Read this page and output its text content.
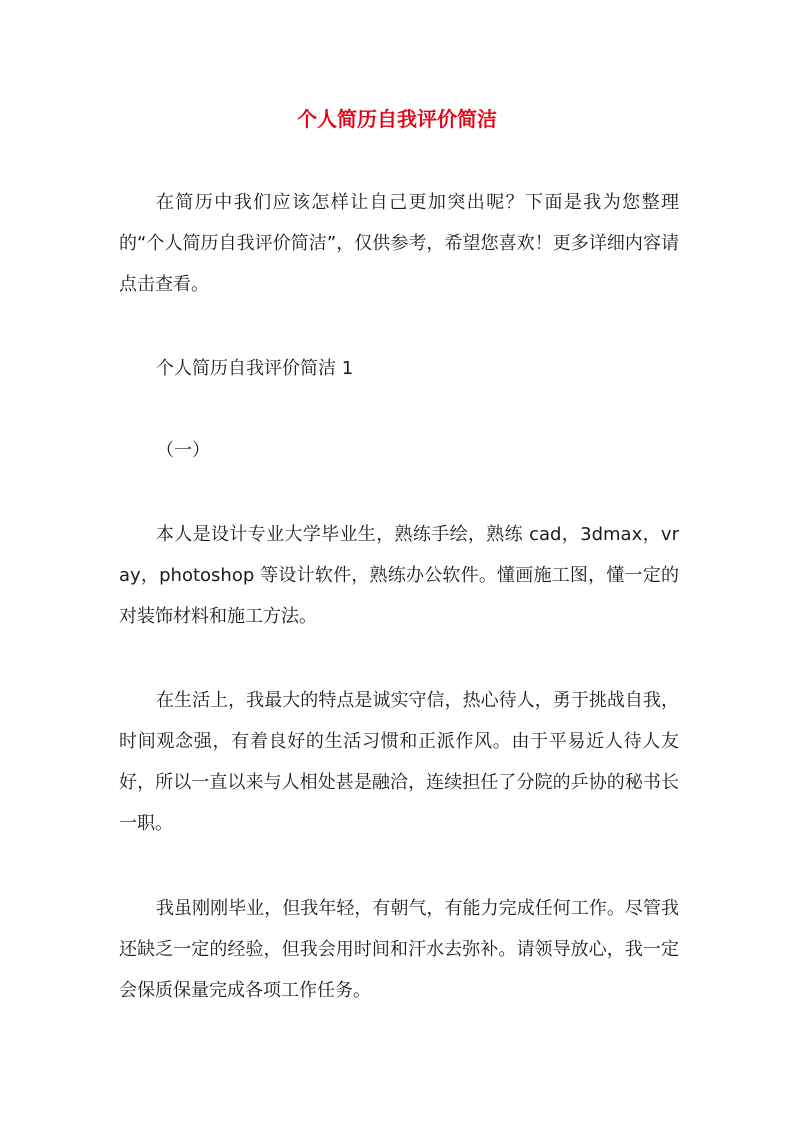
个人简历自我评价简洁

在简历中我们应该怎样让自己更加突出呢？下面是我为您整理的“个人简历自我评价简洁”，仅供参考，希望您喜欢！更多详细内容请点击查看。

个人简历自我评价简洁 1

（一）

本人是设计专业大学毕业生，熟练手绘，熟练 cad，3dmax，vray，photoshop 等设计软件，熟练办公软件。懂画施工图，懂一定的对装饰材料和施工方法。

在生活上，我最大的特点是诚实守信，热心待人，勇于挑战自我，时间观念强，有着良好的生活习惯和正派作风。由于平易近人待人友好，所以一直以来与人相处甚是融洽，连续担任了分院的乒协的秘书长一职。

我虽刚刚毕业，但我年轻，有朝气，有能力完成任何工作。尽管我还缺乏一定的经验，但我会用时间和汗水去弥补。请领导放心，我一定会保质保量完成各项工作任务。
